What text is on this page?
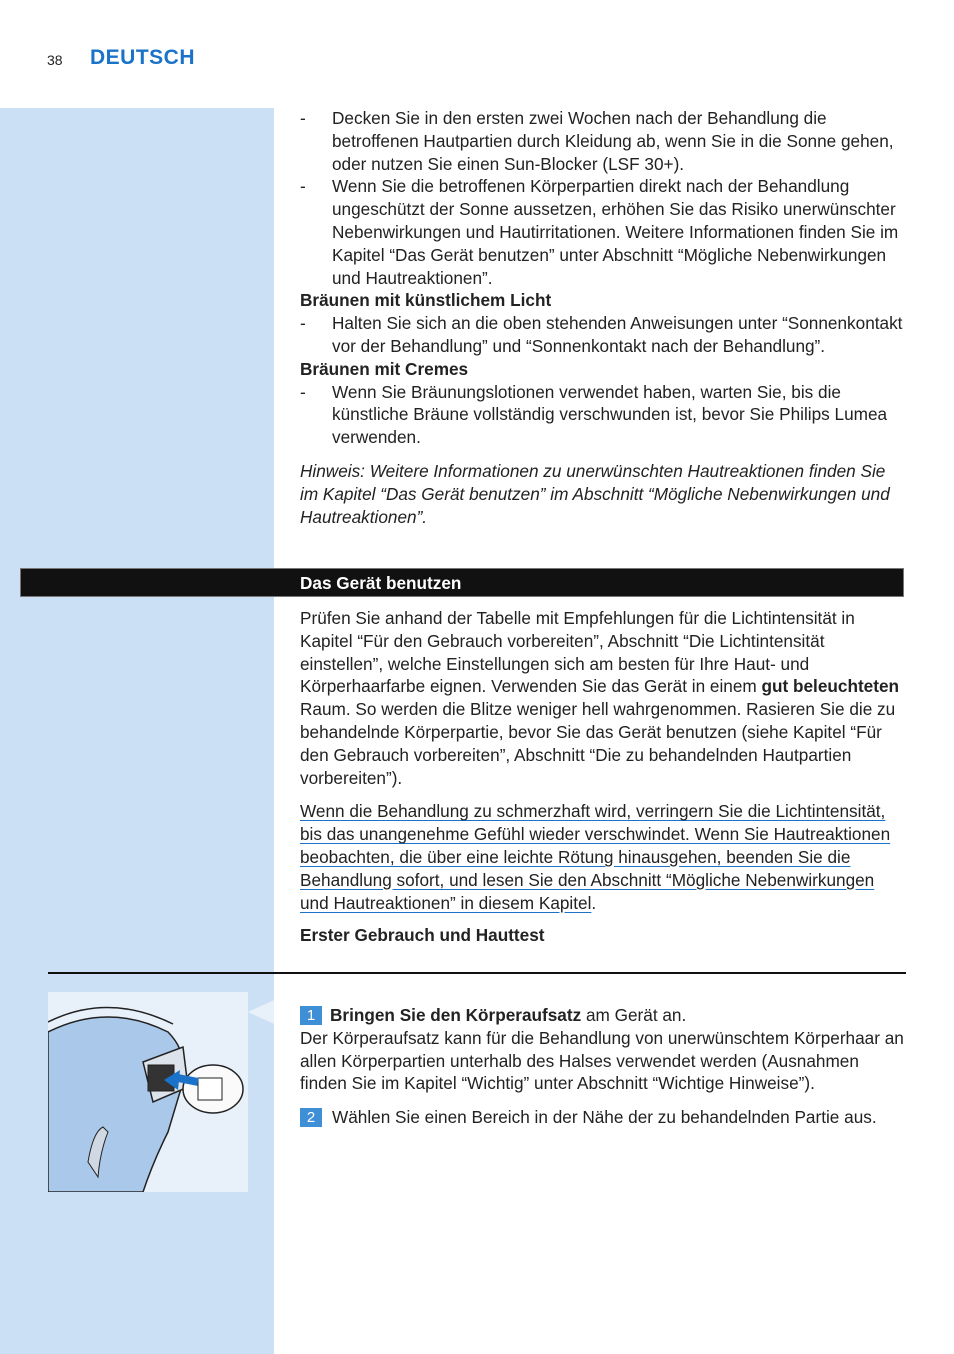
38 DEUTSCH
- Decken Sie in den ersten zwei Wochen nach der Behandlung die betroffenen Hautpartien durch Kleidung ab, wenn Sie in die Sonne gehen, oder nutzen Sie einen Sun-Blocker (LSF 30+).
- Wenn Sie die betroffenen Körperpartien direkt nach der Behandlung ungeschützt der Sonne aussetzen, erhöhen Sie das Risiko unerwünschter Nebenwirkungen und Hautirritationen. Weitere Informationen finden Sie im Kapitel “Das Gerät benutzen” unter Abschnitt “Mögliche Nebenwirkungen und Hautreaktionen”.

Bräunen mit künstlichem Licht

- Halten Sie sich an die oben stehenden Anweisungen unter “Sonnenkontakt vor der Behandlung” und “Sonnenkontakt nach der Behandlung”.

Bräunen mit Cremes

- Wenn Sie Bräunungslotionen verwendet haben, warten Sie, bis die künstliche Bräune vollständig verschwunden ist, bevor Sie Philips Lumea verwenden.

Hinweis: Weitere Informationen zu unerwünschten Hautreaktionen finden Sie im Kapitel “Das Gerät benutzen” im Abschnitt “Mögliche Nebenwirkungen und Hautreaktionen”.

Das Gerät benutzen

Prüfen Sie anhand der Tabelle mit Empfehlungen für die Lichtintensität in Kapitel “Für den Gebrauch vorbereiten”, Abschnitt “Die Lichtintensität einstellen”, welche Einstellungen sich am besten für Ihre Haut- und Körperhaarfarbe eignen. Verwenden Sie das Gerät in einem gut beleuchteten Raum. So werden die Blitze weniger hell wahrgenommen. Rasieren Sie die zu behandelnde Körperpartie, bevor Sie das Gerät benutzen (siehe Kapitel “Für den Gebrauch vorbereiten”, Abschnitt “Die zu behandelnden Hautpartien vorbereiten”).

Wenn die Behandlung zu schmerzhaft wird, verringern Sie die Lichtintensität, bis das unangenehme Gefühl wieder verschwindet. Wenn Sie Hautreaktionen beobachten, die über eine leichte Rötung hinausgehen, beenden Sie die Behandlung sofort, und lesen Sie den Abschnitt “Mögliche Nebenwirkungen und Hautreaktionen” in diesem Kapitel.

Erster Gebrauch und Hauttest

1 Bringen Sie den Körperaufsatz am Gerät an.

Der Körperaufsatz kann für die Behandlung von unerwünschtem Körperhaar an allen Körperpartien unterhalb des Halses verwendet werden (Ausnahmen finden Sie im Kapitel “Wichtig” unter Abschnitt “Wichtige Hinweise”).

2 Wählen Sie einen Bereich in der Nähe der zu behandelnden Partie aus.
